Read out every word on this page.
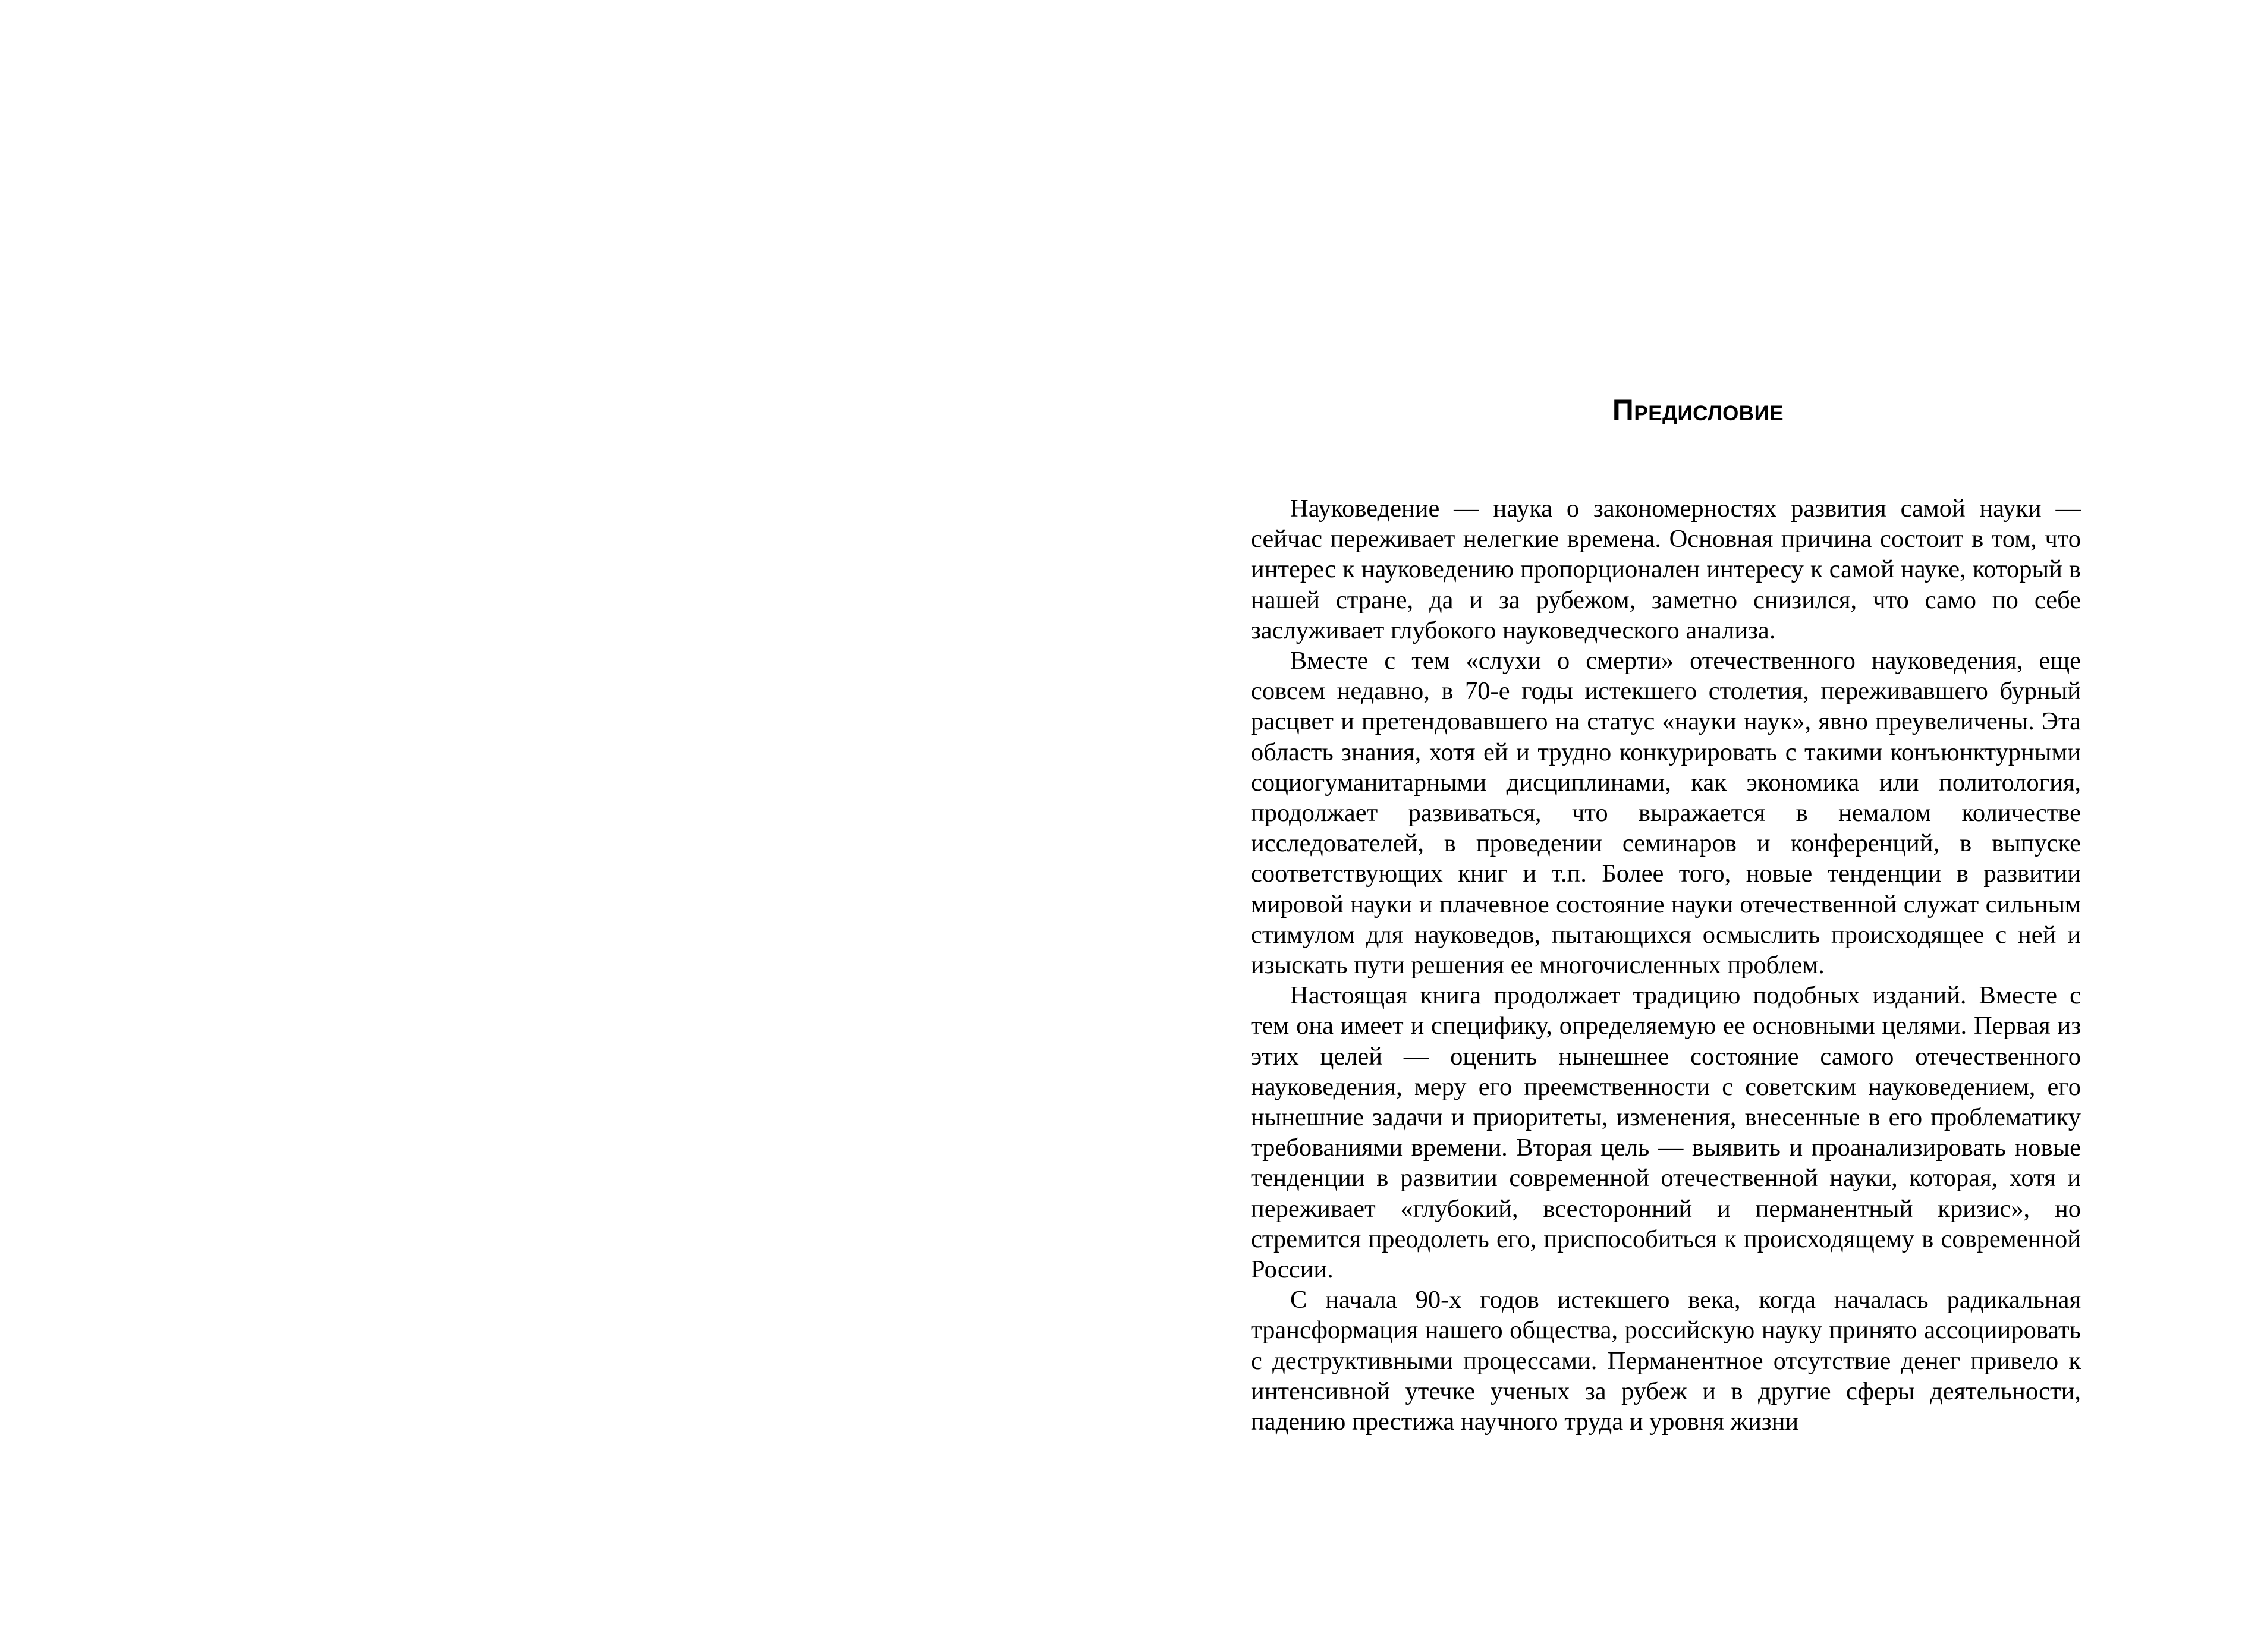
Предисловие

Науковедение — наука о закономерностях развития самой науки — сейчас переживает нелегкие времена. Основная причина состоит в том, что интерес к науковедению пропорционален интересу к самой науке, который в нашей стране, да и за рубежом, заметно снизился, что само по себе заслуживает глубокого науковедческого анализа.

Вместе с тем «слухи о смерти» отечественного науковедения, еще совсем недавно, в 70-е годы истекшего столетия, переживавшего бурный расцвет и претендовавшего на статус «науки наук», явно преувеличены. Эта область знания, хотя ей и трудно конкурировать с такими конъюнктурными социогуманитарными дисциплинами, как экономика или политология, продолжает развиваться, что выражается в немалом количестве исследователей, в проведении семинаров и конференций, в выпуске соответствующих книг и т.п. Более того, новые тенденции в развитии мировой науки и плачевное состояние науки отечественной служат сильным стимулом для науковедов, пытающихся осмыслить происходящее с ней и изыскать пути решения ее многочисленных проблем.

Настоящая книга продолжает традицию подобных изданий. Вместе с тем она имеет и специфику, определяемую ее основными целями. Первая из этих целей — оценить нынешнее состояние самого отечественного науковедения, меру его преемственности с советским науковедением, его нынешние задачи и приоритеты, изменения, внесенные в его проблематику требованиями времени. Вторая цель — выявить и проанализировать новые тенденции в развитии современной отечественной науки, которая, хотя и переживает «глубокий, всесторонний и перманентный кризис», но стремится преодолеть его, приспособиться к происходящему в современной России.

С начала 90-х годов истекшего века, когда началась радикальная трансформация нашего общества, российскую науку принято ассоциировать с деструктивными процессами. Перманентное отсутствие денег привело к интенсивной утечке ученых за рубеж и в другие сферы деятельности, падению престижа научного труда и уровня жизни
